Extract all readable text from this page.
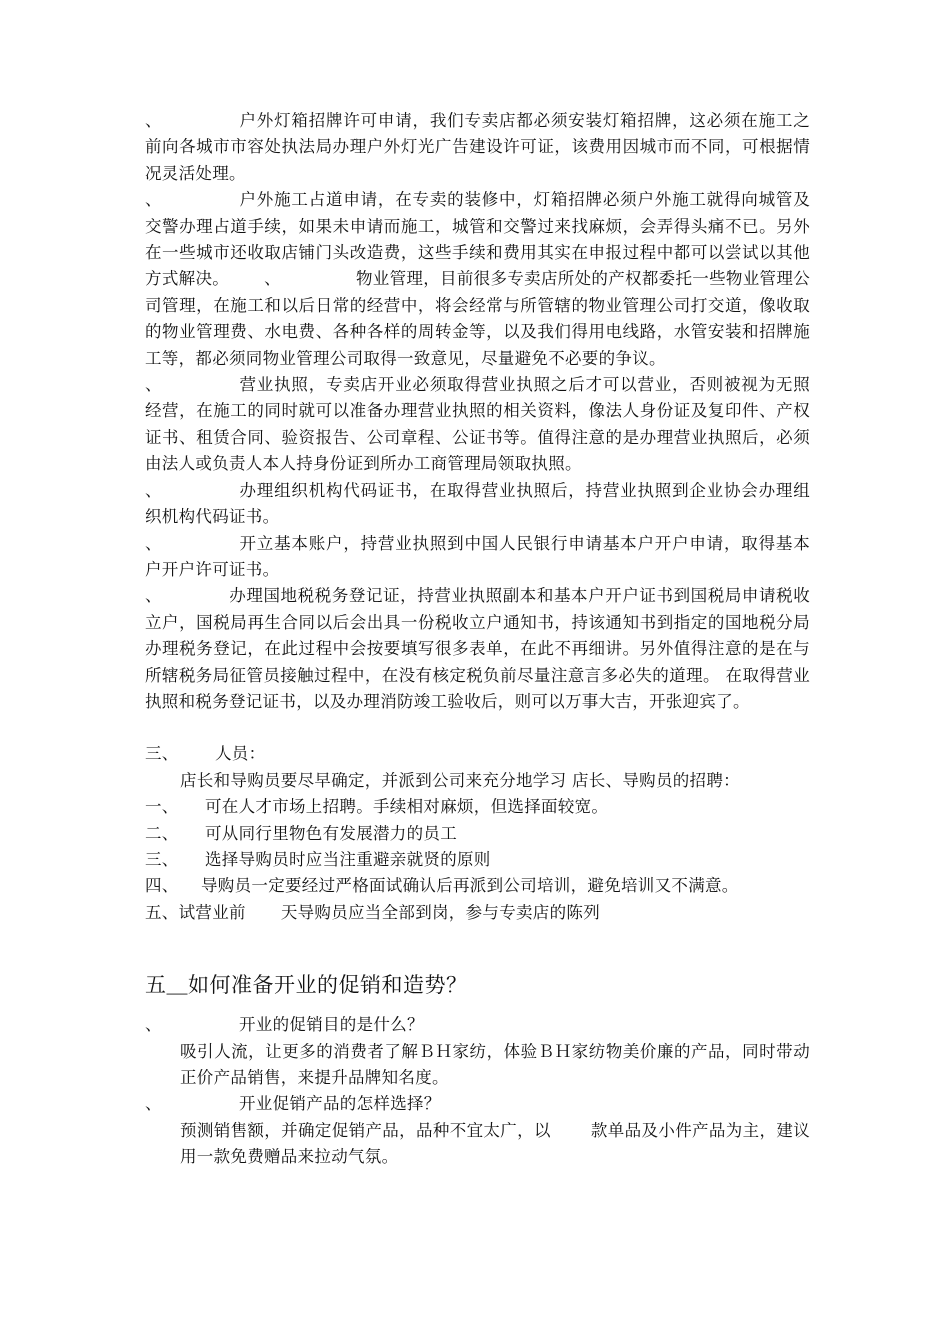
、	户外灯箱招牌许可申请，我们专卖店都必须安装灯箱招牌，这必须在施工之前向各城市市容处执法局办理户外灯光广告建设许可证，该费用因城市而不同，可根据情况灵活处理。

、	户外施工占道申请，在专卖的装修中，灯箱招牌必须户外施工就得向城管及交警办理占道手续，如果未申请而施工，城管和交警过来找麻烦，会弄得头痛不已。另外在一些城市还收取店铺门头改造费，这些手续和费用其实在申报过程中都可以尝试以其他方式解决。 、	物业管理，目前很多专卖店所处的产权都委托一些物业管理公司管理，在施工和以后日常的经营中，将会经常与所管辖的物业管理公司打交道，像收取的物业管理费、水电费、各种各样的周转金等，以及我们得用电线路，水管安装和招牌施工等，都必须同物业管理公司取得一致意见，尽量避免不必要的争议。

、	营业执照，专卖店开业必须取得营业执照之后才可以营业，否则被视为无照经营，在施工的同时就可以准备办理营业执照的相关资料，像法人身份证及复印件、产权证书、租赁合同、验资报告、公司章程、公证书等。值得注意的是办理营业执照后，必须由法人或负责人本人持身份证到所办工商管理局领取执照。

、	办理组织机构代码证书，在取得营业执照后，持营业执照到企业协会办理组织机构代码证书。

、	开立基本账户，持营业执照到中国人民银行申请基本户开户申请，取得基本户开户许可证书。

、	办理国地税税务登记证，持营业执照副本和基本户开户证书到国税局申请税收立户，国税局再生合同以后会出具一份税收立户通知书，持该通知书到指定的国地税分局办理税务登记，在此过程中会按要填写很多表单，在此不再细讲。另外值得注意的是在与所辖税务局征管员接触过程中，在没有核定税负前尽量注意言多必失的道理。 在取得营业执照和税务登记证书，以及办理消防竣工验收后，则可以万事大吉，开张迎宾了。

三、 人员：

店长和导购员要尽早确定，并派到公司来充分地学习 店长、导购员的招聘：

一、 可在人才市场上招聘。手续相对麻烦，但选择面较宽。

二、 可从同行里物色有发展潜力的员工

三、 选择导购员时应当注重避亲就贤的原则

四、 导购员一定要经过严格面试确认后再派到公司培训，避免培训又不满意。

五、试营业前 天导购员应当全部到岗，参与专卖店的陈列

五＿如何准备开业的促销和造势？

、	开业的促销目的是什么？

吸引人流，让更多的消费者了解ＢＨ家纺，体验ＢＨ家纺物美价廉的产品，同时带动正价产品销售，来提升品牌知名度。

、	开业促销产品的怎样选择？

预测销售额，并确定促销产品，品种不宜太广，以 款单品及小件产品为主，建议用一款免费赠品来拉动气氛。
